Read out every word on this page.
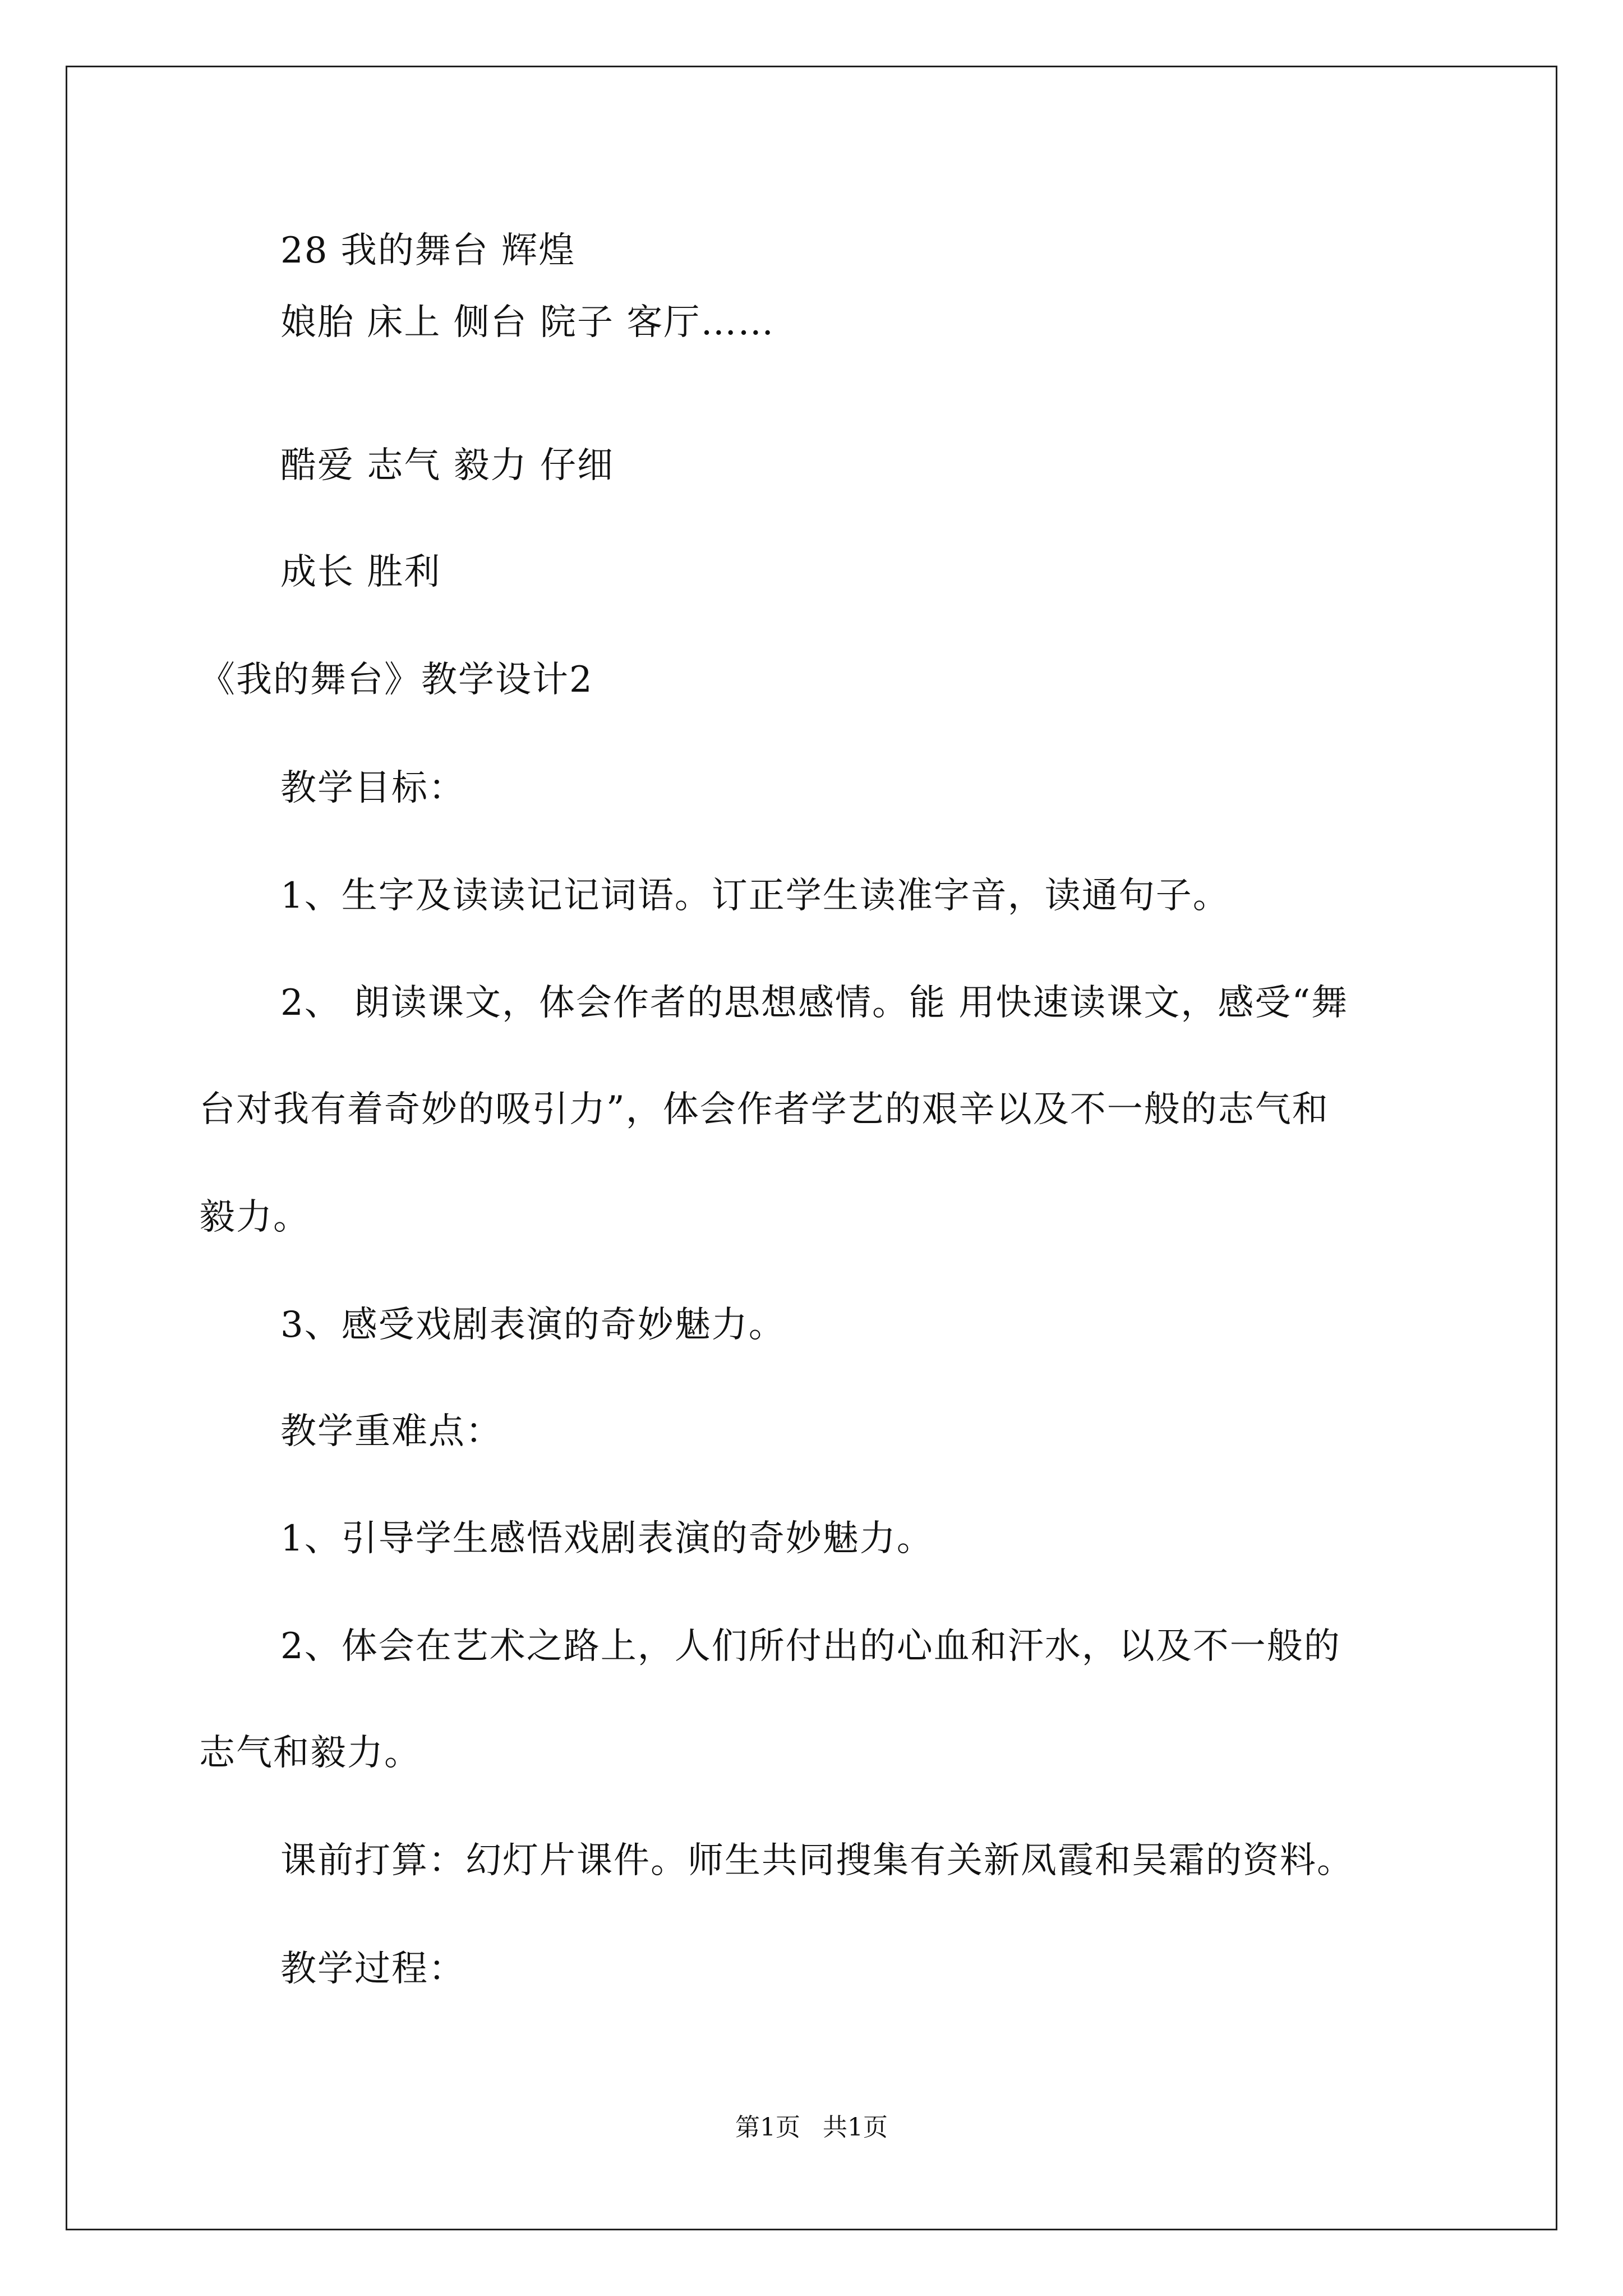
28 我的舞台 辉煌
娘胎 床上 侧台 院子 客厅……
酷爱 志气 毅力 仔细
成长 胜利
《我的舞台》教学设计2
教学目标：
1、生字及读读记记词语。订正学生读准字音，读通句子。
2、 朗读课文，体会作者的思想感情。能 用快速读课文，感受“舞
台对我有着奇妙的吸引力”，体会作者学艺的艰辛以及不一般的志气和
毅力。
3、感受戏剧表演的奇妙魅力。
教学重难点：
1、引导学生感悟戏剧表演的奇妙魅力。
2、体会在艺术之路上，人们所付出的心血和汗水，以及不一般的
志气和毅力。
课前打算：幻灯片课件。师生共同搜集有关新凤霞和吴霜的资料。
教学过程：
第1页 共1页
